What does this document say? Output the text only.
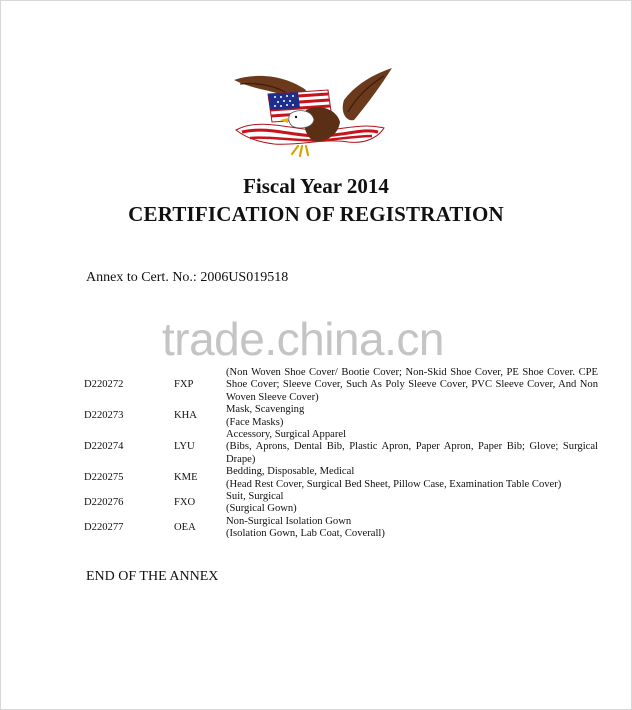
Fiscal Year 2014
CERTIFICATION OF REGISTRATION
Annex to Cert. No.: 2006US019518
trade.china.cn
D220272	FXP	(Non Woven Shoe Cover/ Bootie Cover; Non-Skid Shoe Cover, PE Shoe Cover. CPE Shoe Cover; Sleeve Cover, Such As Poly Sleeve Cover, PVC Sleeve Cover, And Non Woven Sleeve Cover)

D220273	KHA	Mask, Scavenging
(Face Masks)

D220274	LYU	Accessory, Surgical Apparel
(Bibs, Aprons, Dental Bib, Plastic Apron, Paper Apron, Paper Bib; Glove; Surgical Drape)

D220275	KME	Bedding, Disposable, Medical
(Head Rest Cover, Surgical Bed Sheet, Pillow Case, Examination Table Cover)

D220276	FXO	Suit, Surgical
(Surgical Gown)

D220277	OEA	Non-Surgical Isolation Gown
(Isolation Gown, Lab Coat, Coverall)
END OF THE ANNEX
